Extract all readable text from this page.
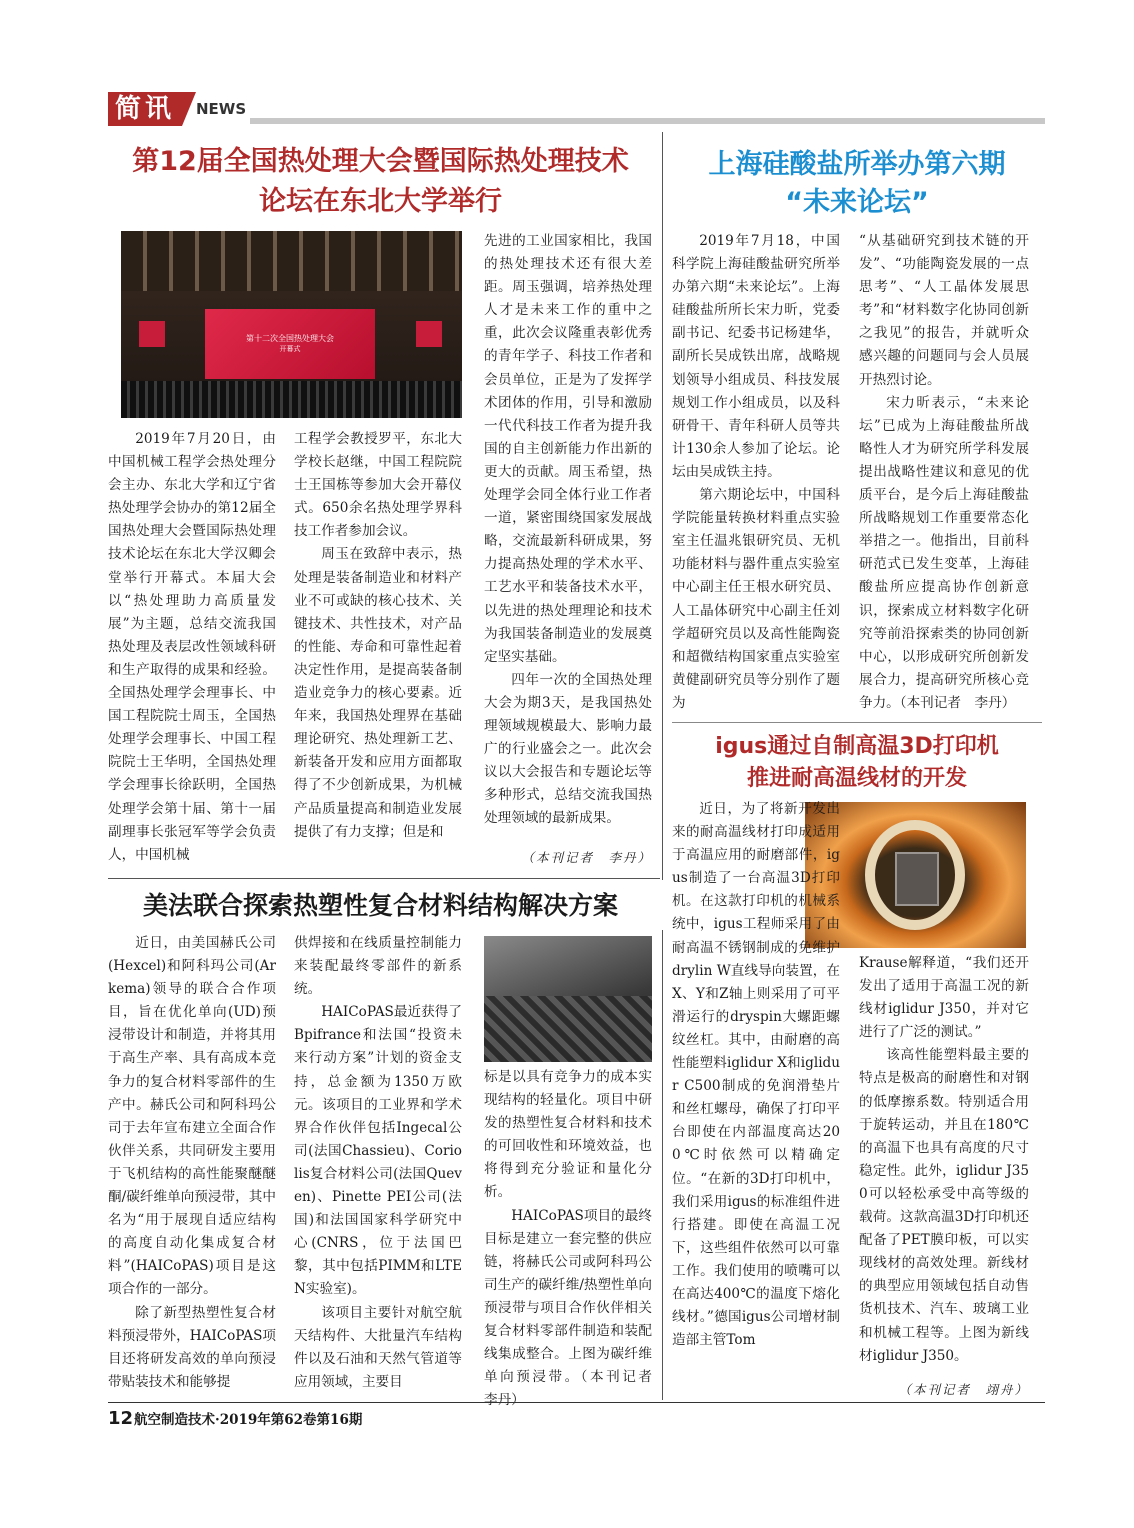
简讯	NEWS
第12届全国热处理大会暨国际热处理技术
论坛在东北大学举行
第十二次全国热处理大会
开幕式

2019年7月20日，由中国机械工程学会热处理分会主办、东北大学和辽宁省热处理学会协办的第12届全国热处理大会暨国际热处理技术论坛在东北大学汉卿会堂举行开幕式。本届大会以“热处理助力高质量发展”为主题，总结交流我国热处理及表层改性领域科研和生产取得的成果和经验。全国热处理学会理事长、中国工程院院士周玉，全国热处理学会理事长、中国工程院院士王华明，全国热处理学会理事长徐跃明，全国热处理学会第十届、第十一届副理事长张冠军等学会负责人，中国机械

工程学会教授罗平，东北大学校长赵继，中国工程院院士王国栋等参加大会开幕仪式。650余名热处理学界科技工作者参加会议。

周玉在致辞中表示，热处理是装备制造业和材料产业不可或缺的核心技术、关键技术、共性技术，对产品的性能、寿命和可靠性起着决定性作用，是提高装备制造业竞争力的核心要素。近年来，我国热处理界在基础理论研究、热处理新工艺、新装备开发和应用方面都取得了不少创新成果，为机械产品质量提高和制造业发展提供了有力支撑；但是和

先进的工业国家相比，我国的热处理技术还有很大差距。周玉强调，培养热处理人才是未来工作的重中之重，此次会议隆重表彰优秀的青年学子、科技工作者和会员单位，正是为了发挥学术团体的作用，引导和激励一代代科技工作者为提升我国的自主创新能力作出新的更大的贡献。周玉希望，热处理学会同全体行业工作者一道，紧密围绕国家发展战略，交流最新科研成果，努力提高热处理的学术水平、工艺水平和装备技术水平，以先进的热处理理论和技术为我国装备制造业的发展奠定坚实基础。

四年一次的全国热处理大会为期3天，是我国热处理领域规模最大、影响力最广的行业盛会之一。此次会议以大会报告和专题论坛等多种形式，总结交流我国热处理领域的最新成果。

（本刊记者　李丹）
上海硅酸盐所举办第六期
“未来论坛”

2019年7月18，中国科学院上海硅酸盐研究所举办第六期“未来论坛”。上海硅酸盐所所长宋力昕，党委副书记、纪委书记杨建华，副所长吴成铁出席，战略规划领导小组成员、科技发展规划工作小组成员，以及科研骨干、青年科研人员等共计130余人参加了论坛。论坛由吴成铁主持。

第六期论坛中，中国科学院能量转换材料重点实验室主任温兆银研究员、无机功能材料与器件重点实验室中心副主任王根水研究员、人工晶体研究中心副主任刘学超研究员以及高性能陶瓷和超微结构国家重点实验室黄健副研究员等分别作了题为

“从基础研究到技术链的开发”、“功能陶瓷发展的一点思考”、“人工晶体发展思考”和“材料数字化协同创新之我见”的报告，并就听众感兴趣的问题同与会人员展开热烈讨论。

宋力昕表示，“未来论坛”已成为上海硅酸盐所战略性人才为研究所学科发展提出战略性建议和意见的优质平台，是今后上海硅酸盐所战略规划工作重要常态化举措之一。他指出，目前科研范式已发生变革，上海硅酸盐所应提高协作创新意识，探索成立材料数字化研究等前沿探索类的协同创新中心，以形成研究所创新发展合力，提高研究所核心竞争力。（本刊记者　李丹）

igus通过自制高温3D打印机
推进耐高温线材的开发

近日，为了将新开发出来的耐高温线材打印成适用于高温应用的耐磨部件，igus制造了一台高温3D打印机。在这款打印机的机械系统中，igus工程师采用了由耐高温不锈钢制成的免维护drylin W直线导向装置，在X、Y和Z轴上则采用了可平滑运行的dryspin大螺距螺纹丝杠。其中，由耐磨的高性能塑料iglidur X和iglidur C500制成的免润滑垫片和丝杠螺母，确保了打印平台即使在内部温度高达200℃时依然可以精确定位。“在新的3D打印机中，我们采用igus的标准组件进行搭建。即使在高温工况下，这些组件依然可以可靠工作。我们使用的喷嘴可以在高达400℃的温度下熔化线材。”德国igus公司增材制造部主管Tom

Krause解释道，“我们还开发出了适用于高温工况的新线材iglidur J350，并对它进行了广泛的测试。”

该高性能塑料最主要的特点是极高的耐磨性和对钢的低摩擦系数。特别适合用于旋转运动，并且在180℃的高温下也具有高度的尺寸稳定性。此外，iglidur J350可以轻松承受中高等级的载荷。这款高温3D打印机还配备了PET膜印板，可以实现线材的高效处理。新线材的典型应用领域包括自动售货机技术、汽车、玻璃工业和机械工程等。上图为新线材iglidur J350。

（本刊记者　翊舟）
美法联合探索热塑性复合材料结构解决方案

近日，由美国赫氏公司(Hexcel)和阿科玛公司(Arkema)领导的联合合作项目，旨在优化单向(UD)预浸带设计和制造，并将其用于高生产率、具有高成本竞争力的复合材料零部件的生产中。赫氏公司和阿科玛公司于去年宣布建立全面合作伙伴关系，共同研发主要用于飞机结构的高性能聚醚醚酮/碳纤维单向预浸带，其中名为“用于展现自适应结构的高度自动化集成复合材料”(HAICoPAS)项目是这项合作的一部分。

除了新型热塑性复合材料预浸带外，HAICoPAS项目还将研发高效的单向预浸带贴装技术和能够提

供焊接和在线质量控制能力来装配最终零部件的新系统。

HAICoPAS最近获得了Bpifrance和法国“投资未来行动方案”计划的资金支持，总金额为1350万欧元。该项目的工业界和学术界合作伙伴包括Ingecal公司(法国Chassieu)、Coriolis复合材料公司(法国Queven)、Pinette PEI公司(法国)和法国国家科学研究中心(CNRS，位于法国巴黎，其中包括PIMM和LTEN实验室)。

该项目主要针对航空航天结构件、大批量汽车结构件以及石油和天然气管道等应用领域，主要目

标是以具有竞争力的成本实现结构的轻量化。项目中研发的热塑性复合材料和技术的可回收性和环境效益，也将得到充分验证和量化分析。

HAICoPAS项目的最终目标是建立一套完整的供应链，将赫氏公司或阿科玛公司生产的碳纤维/热塑性单向预浸带与项目合作伙伴相关复合材料零部件制造和装配线集成整合。上图为碳纤维单向预浸带。（本刊记者　李丹）

12 航空制造技术·2019年第62卷第16期
